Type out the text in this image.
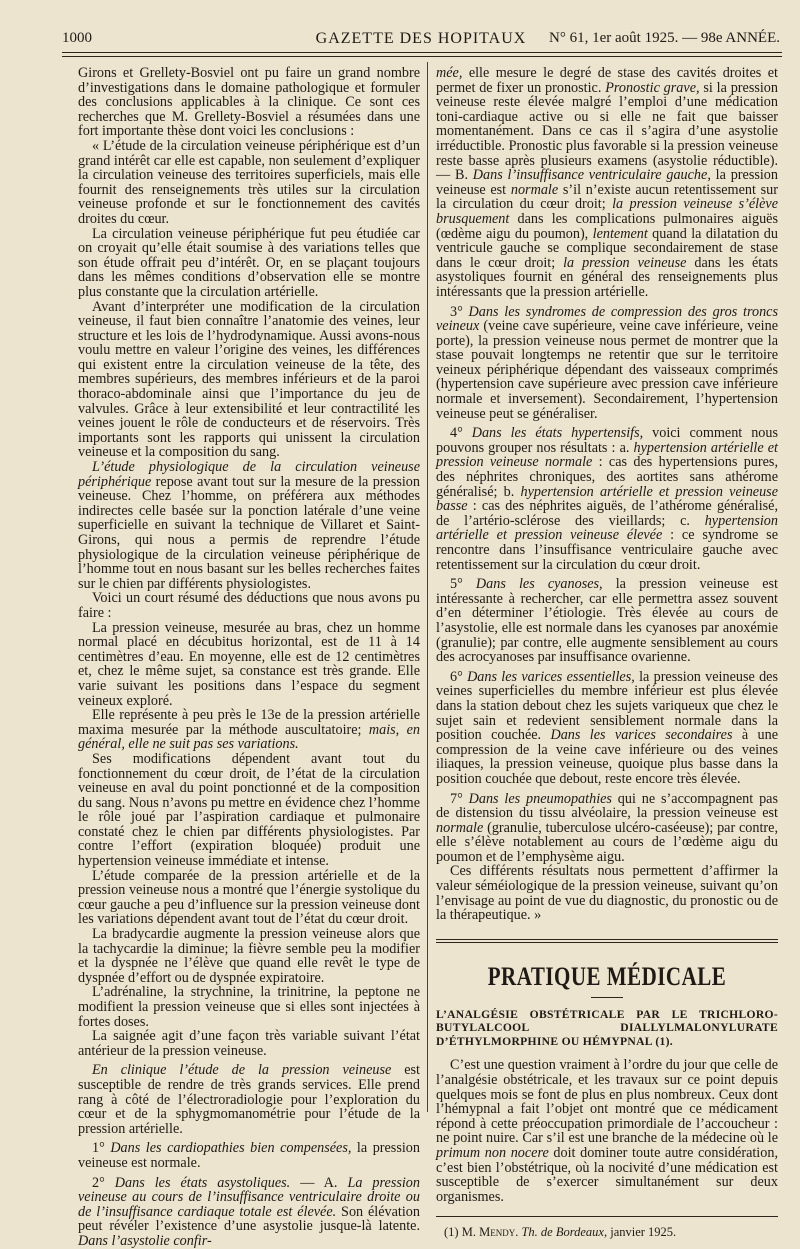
1000	GAZETTE DES HOPITAUX	N° 61, 1er août 1925. — 98e ANNÉE.

Girons et Grellety-Bosviel ont pu faire un grand nombre d’investigations dans le domaine pathologique et formuler des conclusions applicables à la clinique. Ce sont ces recherches que M. Grellety-Bosviel a résumées dans une fort importante thèse dont voici les conclusions :

« L’étude de la circulation veineuse périphérique est d’un grand intérêt car elle est capable, non seulement d’expliquer la circulation veineuse des territoires superficiels, mais elle fournit des renseignements très utiles sur la circulation veineuse profonde et sur le fonctionnement des cavités droites du cœur.

La circulation veineuse périphérique fut peu étudiée car on croyait qu’elle était soumise à des variations telles que son étude offrait peu d’intérêt. Or, en se plaçant toujours dans les mêmes conditions d’observation elle se montre plus constante que la circulation artérielle.

Avant d’interpréter une modification de la circulation veineuse, il faut bien connaître l’anatomie des veines, leur structure et les lois de l’hydrodynamique. Aussi avons-nous voulu mettre en valeur l’origine des veines, les différences qui existent entre la circulation veineuse de la tête, des membres supérieurs, des membres inférieurs et de la paroi thoraco-abdominale ainsi que l’importance du jeu de valvules. Grâce à leur extensibilité et leur contractilité les veines jouent le rôle de conducteurs et de réservoirs. Très importants sont les rapports qui unissent la circulation veineuse et la composition du sang.

L’étude physiologique de la circulation veineuse périphérique repose avant tout sur la mesure de la pression veineuse. Chez l’homme, on préférera aux méthodes indirectes celle basée sur la ponction latérale d’une veine superficielle en suivant la technique de Villaret et Saint-Girons, qui nous a permis de reprendre l’étude physiologique de la circulation veineuse périphérique de l’homme tout en nous basant sur les belles recherches faites sur le chien par différents physiologistes.

Voici un court résumé des déductions que nous avons pu faire :

La pression veineuse, mesurée au bras, chez un homme normal placé en décubitus horizontal, est de 11 à 14 centimètres d’eau. En moyenne, elle est de 12 centimètres et, chez le même sujet, sa constance est très grande. Elle varie suivant les positions dans l’espace du segment veineux exploré.

Elle représente à peu près le 13e de la pression artérielle maxima mesurée par la méthode auscultatoire; mais, en général, elle ne suit pas ses variations.

Ses modifications dépendent avant tout du fonctionnement du cœur droit, de l’état de la circulation veineuse en aval du point ponctionné et de la composition du sang. Nous n’avons pu mettre en évidence chez l’homme le rôle joué par l’aspiration cardiaque et pulmonaire constaté chez le chien par différents physiologistes. Par contre l’effort (expiration bloquée) produit une hypertension veineuse immédiate et intense.

L’étude comparée de la pression artérielle et de la pression veineuse nous a montré que l’énergie systolique du cœur gauche a peu d’influence sur la pression veineuse dont les variations dépendent avant tout de l’état du cœur droit.

La bradycardie augmente la pression veineuse alors que la tachycardie la diminue; la fièvre semble peu la modifier et la dyspnée ne l’élève que quand elle revêt le type de dyspnée d’effort ou de dyspnée expiratoire.

L’adrénaline, la strychnine, la trinitrine, la peptone ne modifient la pression veineuse que si elles sont injectées à fortes doses.

La saignée agit d’une façon très variable suivant l’état antérieur de la pression veineuse.

En clinique l’étude de la pression veineuse est susceptible de rendre de très grands services. Elle prend rang à côté de l’électroradiologie pour l’exploration du cœur et de la sphygmomanométrie pour l’étude de la pression artérielle.

1° Dans les cardiopathies bien compensées, la pression veineuse est normale.

2° Dans les états asystoliques. — A. La pression veineuse au cours de l’insuffisance ventriculaire droite ou de l’insuffisance cardiaque totale est élevée. Son élévation peut révéler l’existence d’une asystolie jusque-là latente. Dans l’asystolie confir-

mée, elle mesure le degré de stase des cavités droites et permet de fixer un pronostic. Pronostic grave, si la pression veineuse reste élevée malgré l’emploi d’une médication toni-cardiaque active ou si elle ne fait que baisser momentanément. Dans ce cas il s’agira d’une asystolie irréductible. Pronostic plus favorable si la pression veineuse reste basse après plusieurs examens (asystolie réductible). — B. Dans l’insuffisance ventriculaire gauche, la pression veineuse est normale s’il n’existe aucun retentissement sur la circulation du cœur droit; la pression veineuse s’élève brusquement dans les complications pulmonaires aiguës (œdème aigu du poumon), lentement quand la dilatation du ventricule gauche se complique secondairement de stase dans le cœur droit; la pression veineuse dans les états asystoliques fournit en général des renseignements plus intéressants que la pression artérielle.

3° Dans les syndromes de compression des gros troncs veineux (veine cave supérieure, veine cave inférieure, veine porte), la pression veineuse nous permet de montrer que la stase pouvait longtemps ne retentir que sur le territoire veineux périphérique dépendant des vaisseaux comprimés (hypertension cave supérieure avec pression cave inférieure normale et inversement). Secondairement, l’hypertension veineuse peut se généraliser.

4° Dans les états hypertensifs, voici comment nous pouvons grouper nos résultats : a. hypertension artérielle et pression veineuse normale : cas des hypertensions pures, des néphrites chroniques, des aortites sans athérome généralisé; b. hypertension artérielle et pression veineuse basse : cas des néphrites aiguës, de l’athérome généralisé, de l’artério-sclérose des vieillards; c. hypertension artérielle et pression veineuse élevée : ce syndrome se rencontre dans l’insuffisance ventriculaire gauche avec retentissement sur la circulation du cœur droit.

5° Dans les cyanoses, la pression veineuse est intéressante à rechercher, car elle permettra assez souvent d’en déterminer l’étiologie. Très élevée au cours de l’asystolie, elle est normale dans les cyanoses par anoxémie (granulie); par contre, elle augmente sensiblement au cours des acrocyanoses par insuffisance ovarienne.

6° Dans les varices essentielles, la pression veineuse des veines superficielles du membre inférieur est plus élevée dans la station debout chez les sujets variqueux que chez le sujet sain et redevient sensiblement normale dans la position couchée. Dans les varices secondaires à une compression de la veine cave inférieure ou des veines iliaques, la pression veineuse, quoique plus basse dans la position couchée que debout, reste encore très élevée.

7° Dans les pneumopathies qui ne s’accompagnent pas de distension du tissu alvéolaire, la pression veineuse est normale (granulie, tuberculose ulcéro-caséeuse); par contre, elle s’élève notablement au cours de l’œdème aigu du poumon et de l’emphysème aigu.

Ces différents résultats nous permettent d’affirmer la valeur séméiologique de la pression veineuse, suivant qu’on l’envisage au point de vue du diagnostic, du pronostic ou de la thérapeutique. »

PRATIQUE MÉDICALE

L’ANALGÉSIE OBSTÉTRICALE PAR LE TRICHLORO-BUTYLALCOOL DIALLYLMALONYLURATE D’ÉTHYLMORPHINE OU HÉMYPNAL (1).

C’est une question vraiment à l’ordre du jour que celle de l’analgésie obstétricale, et les travaux sur ce point depuis quelques mois se font de plus en plus nombreux. Ceux dont l’hémypnal a fait l’objet ont montré que ce médicament répond à cette préoccupation primordiale de l’accoucheur : ne point nuire. Car s’il est une branche de la médecine où le primum non nocere doit dominer toute autre considération, c’est bien l’obstétrique, où la nocivité d’une médication est susceptible de s’exercer simultanément sur deux organismes.

(1) M. Mendy. Th. de Bordeaux, janvier 1925.
